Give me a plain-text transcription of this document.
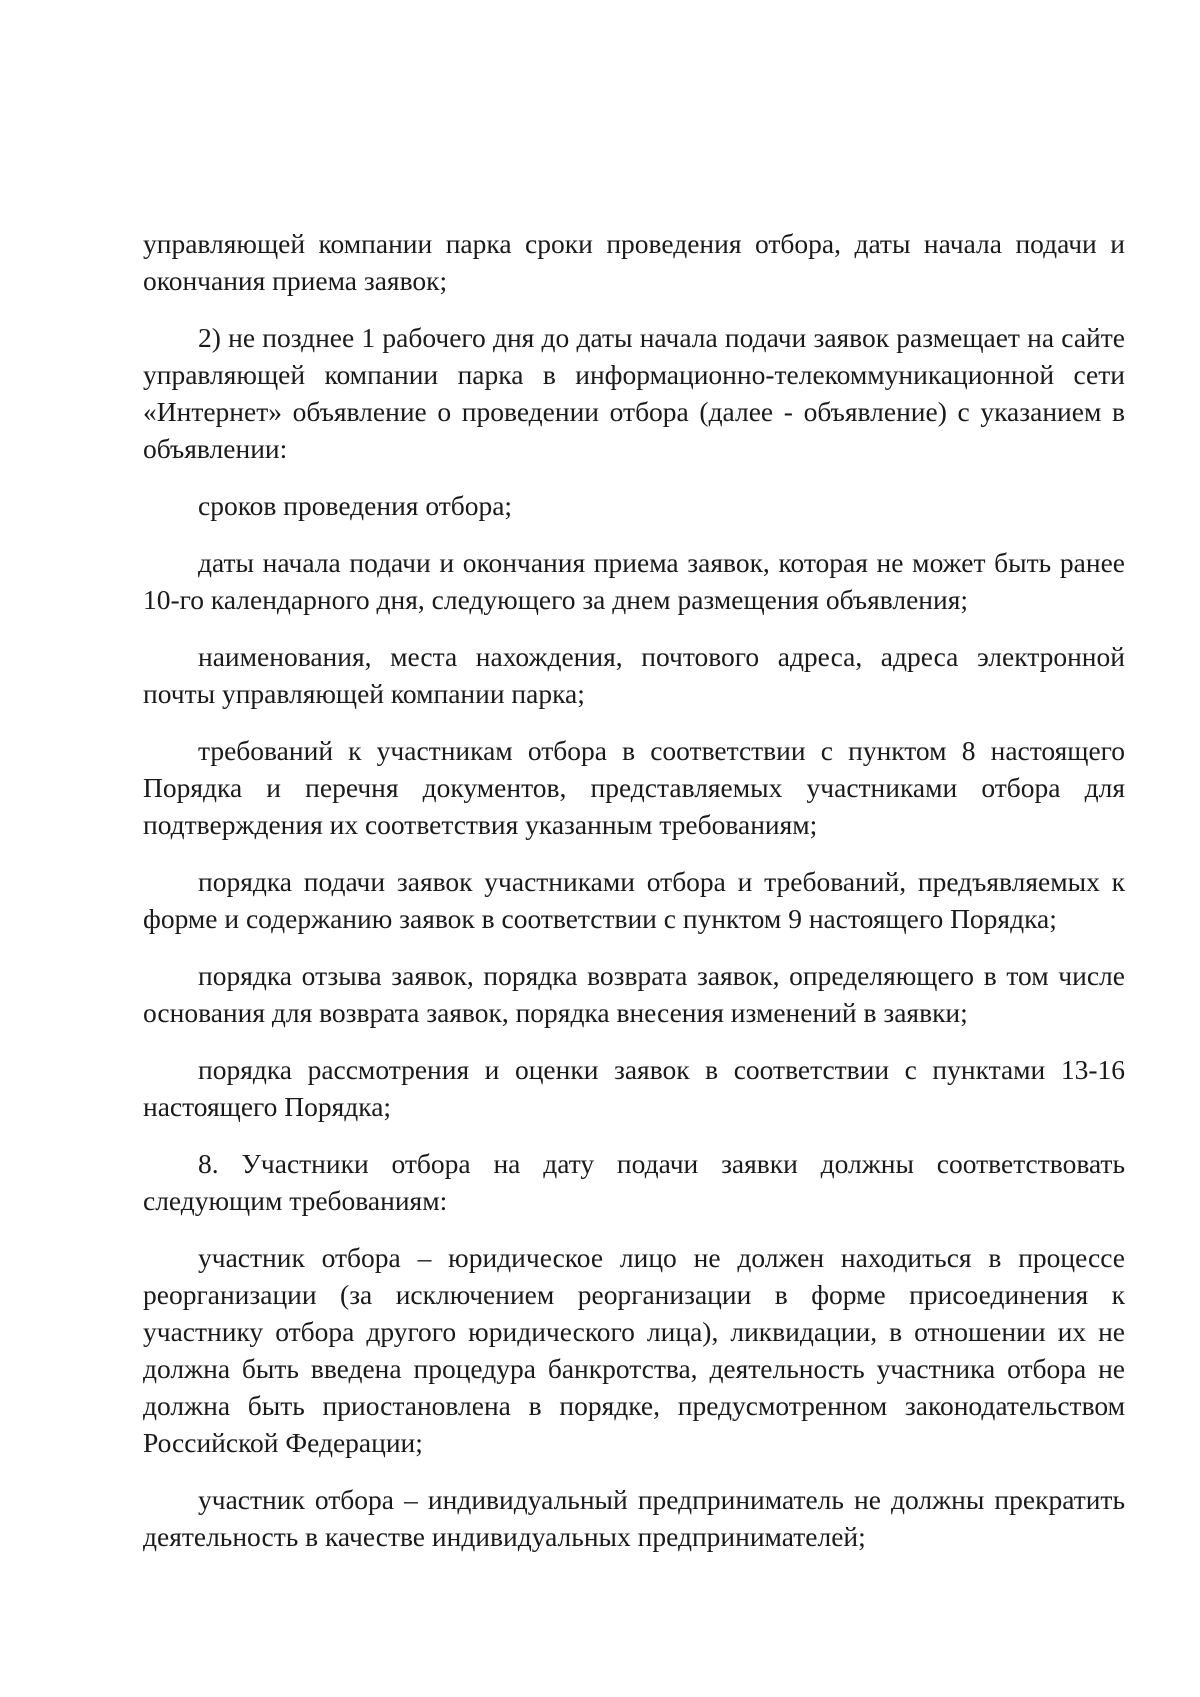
управляющей компании парка сроки проведения отбора, даты начала подачи и окончания приема заявок;

2) не позднее 1 рабочего дня до даты начала подачи заявок размещает на сайте управляющей компании парка в информационно-телекоммуникационной сети «Интернет» объявление о проведении отбора (далее - объявление) с указанием в объявлении:

сроков проведения отбора;

даты начала подачи и окончания приема заявок, которая не может быть ранее 10-го календарного дня, следующего за днем размещения объявления;

наименования, места нахождения, почтового адреса, адреса электронной почты управляющей компании парка;

требований к участникам отбора в соответствии с пунктом 8 настоящего Порядка и перечня документов, представляемых участниками отбора для подтверждения их соответствия указанным требованиям;

порядка подачи заявок участниками отбора и требований, предъявляемых к форме и содержанию заявок в соответствии с пунктом 9 настоящего Порядка;

порядка отзыва заявок, порядка возврата заявок, определяющего в том числе основания для возврата заявок, порядка внесения изменений в заявки;

порядка рассмотрения и оценки заявок в соответствии с пунктами 13-16 настоящего Порядка;

8. Участники отбора на дату подачи заявки должны соответствовать следующим требованиям:

участник отбора – юридическое лицо не должен находиться в процессе реорганизации (за исключением реорганизации в форме присоединения к участнику отбора другого юридического лица), ликвидации, в отношении их не должна быть введена процедура банкротства, деятельность участника отбора не должна быть приостановлена в порядке, предусмотренном законодательством Российской Федерации;

участник отбора – индивидуальный предприниматель не должны прекратить деятельность в качестве индивидуальных предпринимателей;
